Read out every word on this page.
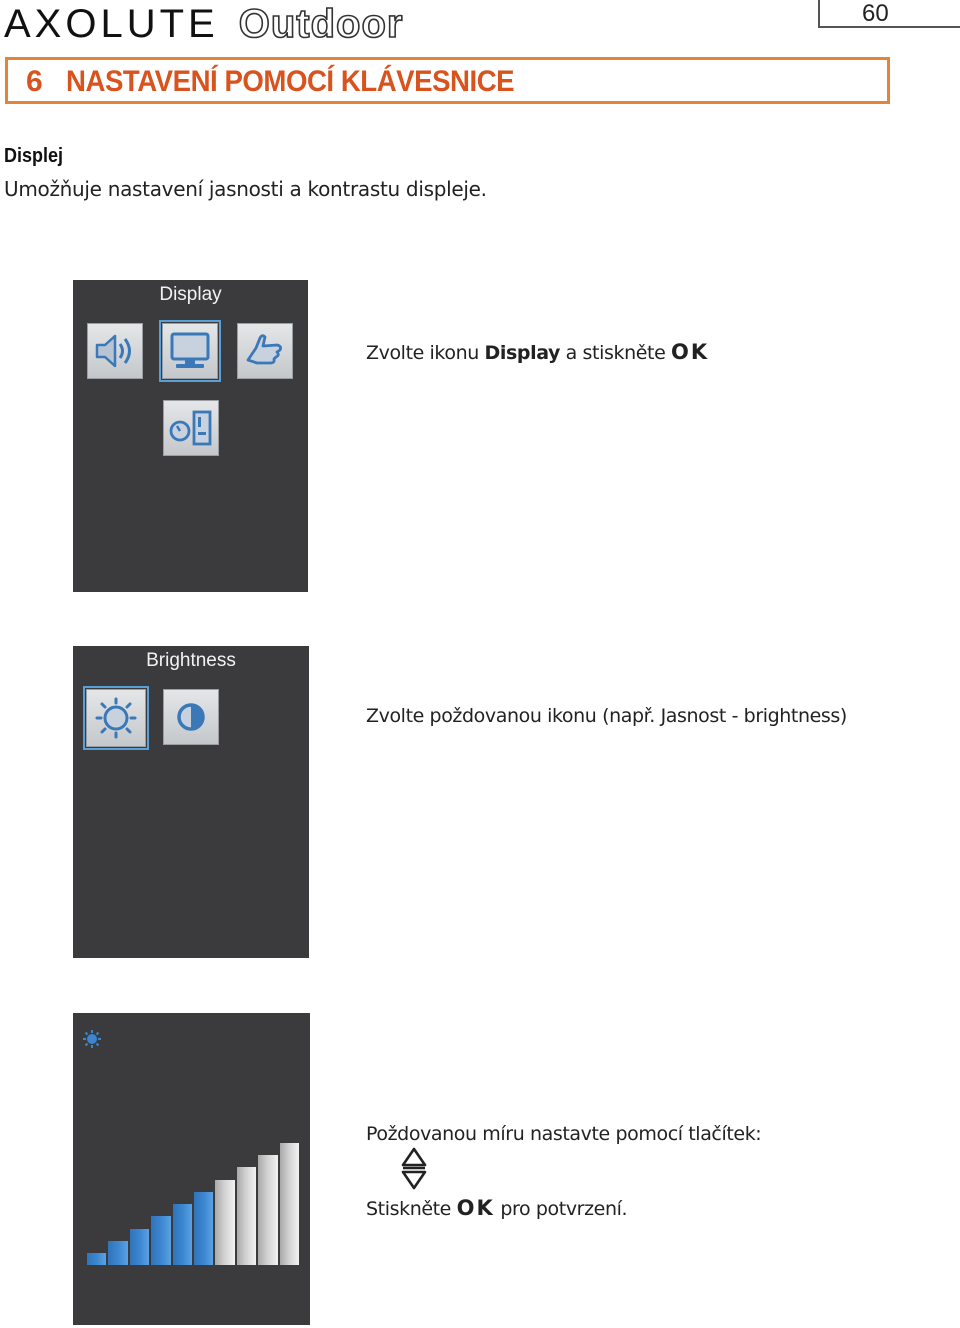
AXOLUTE Outdoor	60
6 NASTAVENÍ POMOCÍ KLÁVESNICE
Displej
Umožňuje nastavení jasnosti a kontrastu displeje.
Display
Zvolte ikonu Display a stiskněte OK
Brightness
Zvolte poždovanou ikonu (např. Jasnost - brightness)
Poždovanou míru nastavte pomocí tlačítek:
Stiskněte OK pro potvrzení.
